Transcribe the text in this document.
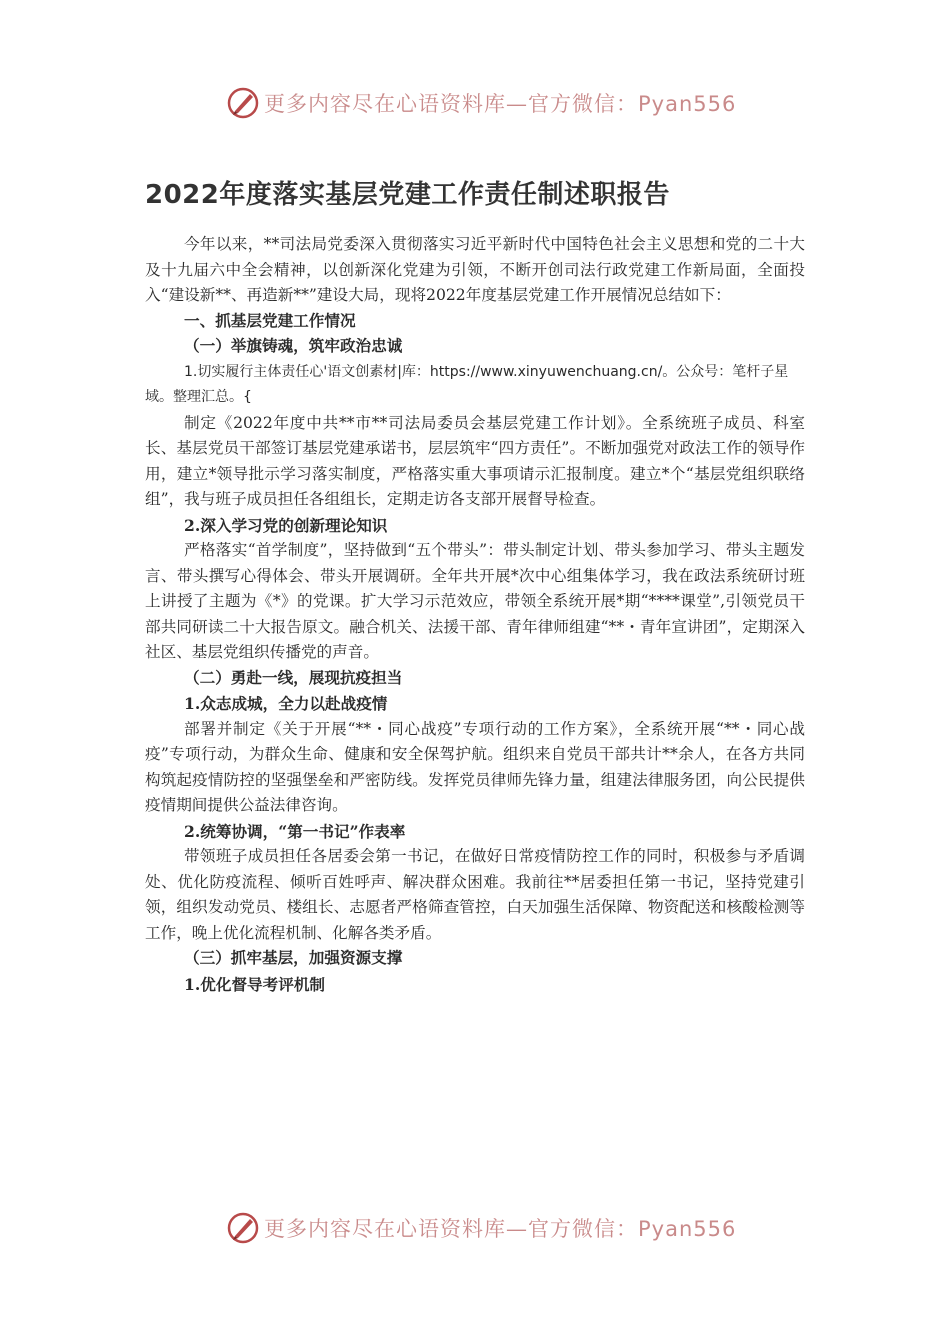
更多内容尽在心语资料库—官方微信：Pyan556
2022年度落实基层党建工作责任制述职报告

今年以来，**司法局党委深入贯彻落实习近平新时代中国特色社会主义思想和党的二十大及十九届六中全会精神，以创新深化党建为引领，不断开创司法行政党建工作新局面，全面投入“建设新**、再造新**”建设大局，现将2022年度基层党建工作开展情况总结如下：

一、抓基层党建工作情况

（一）举旗铸魂，筑牢政治忠诚

1.切实履行主体责任心'语文创素材|库：https://www.xinyuwenchuang.cn/。公众号：笔杆子星域。整理汇总。{

制定《2022年度中共**市**司法局委员会基层党建工作计划》。全系统班子成员、科室长、基层党员干部签订基层党建承诺书，层层筑牢“四方责任”。不断加强党对政法工作的领导作用，建立*领导批示学习落实制度，严格落实重大事项请示汇报制度。建立*个“基层党组织联络组”，我与班子成员担任各组组长，定期走访各支部开展督导检查。

2.深入学习党的创新理论知识

严格落实“首学制度”，坚持做到“五个带头”：带头制定计划、带头参加学习、带头主题发言、带头撰写心得体会、带头开展调研。全年共开展*次中心组集体学习，我在政法系统研讨班上讲授了主题为《*》的党课。扩大学习示范效应，带领全系统开展*期“****课堂”,引领党员干部共同研读二十大报告原文。融合机关、法援干部、青年律师组建“**・青年宣讲团”，定期深入社区、基层党组织传播党的声音。

（二）勇赴一线，展现抗疫担当

1.众志成城，全力以赴战疫情

部署并制定《关于开展“**・同心战疫”专项行动的工作方案》，全系统开展“**・同心战疫”专项行动，为群众生命、健康和安全保驾护航。组织来自党员干部共计**余人，在各方共同构筑起疫情防控的坚强堡垒和严密防线。发挥党员律师先锋力量，组建法律服务团，向公民提供疫情期间提供公益法律咨询。

2.统筹协调，“第一书记”作表率

带领班子成员担任各居委会第一书记，在做好日常疫情防控工作的同时，积极参与矛盾调处、优化防疫流程、倾听百姓呼声、解决群众困难。我前往**居委担任第一书记，坚持党建引领，组织发动党员、楼组长、志愿者严格筛查管控，白天加强生活保障、物资配送和核酸检测等工作，晚上优化流程机制、化解各类矛盾。

（三）抓牢基层，加强资源支撑

1.优化督导考评机制

更多内容尽在心语资料库—官方微信：Pyan556
